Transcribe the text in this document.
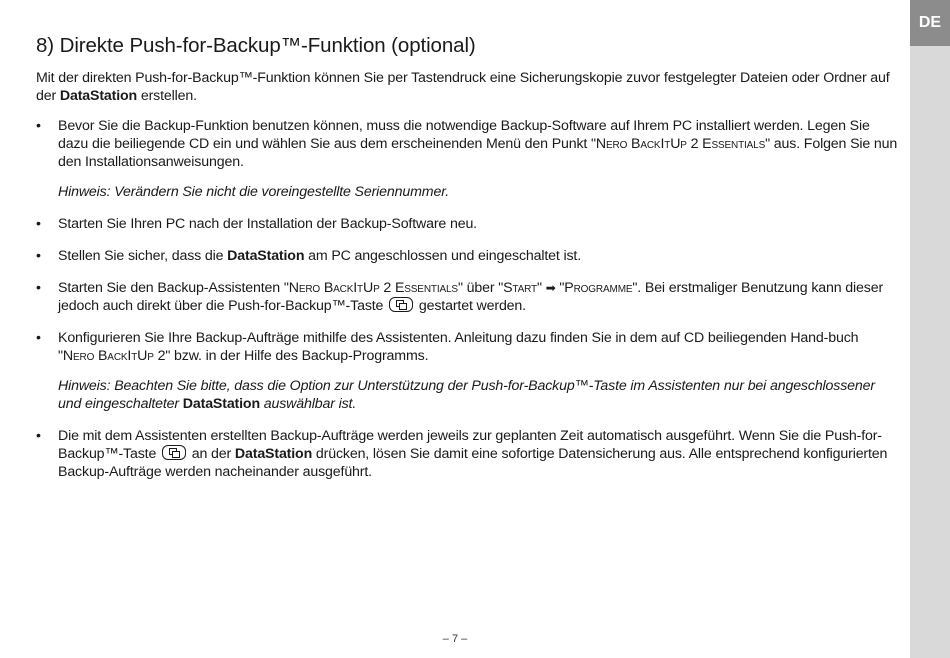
DE
8) Direkte Push-for-Backup™-Funktion (optional)

Mit der direkten Push-for-Backup™-Funktion können Sie per Tastendruck eine Sicherungskopie zuvor festgelegter Dateien oder Ordner auf der DataStation erstellen.

• Bevor Sie die Backup-Funktion benutzen können, muss die notwendige Backup-Software auf Ihrem PC installiert werden. Legen Sie dazu die beiliegende CD ein und wählen Sie aus dem erscheinenden Menü den Punkt "Nero BackItUp 2 Essentials" aus. Folgen Sie nun den Installationsanweisungen.

Hinweis: Verändern Sie nicht die voreingestellte Seriennummer.

• Starten Sie Ihren PC nach der Installation der Backup-Software neu.
• Stellen Sie sicher, dass die DataStation am PC angeschlossen und eingeschaltet ist.
• Starten Sie den Backup-Assistenten "Nero BackItUp 2 Essentials" über "Start" ➡ "Programme". Bei erstmaliger Benutzung kann dieser jedoch auch direkt über die Push-for-Backup™-Taste  gestartet werden.
• Konfigurieren Sie Ihre Backup-Aufträge mithilfe des Assistenten. Anleitung dazu finden Sie in dem auf CD beiliegenden Hand-buch "Nero BackItUp 2" bzw. in der Hilfe des Backup-Programms.

Hinweis: Beachten Sie bitte, dass die Option zur Unterstützung der Push-for-Backup™-Taste im Assistenten nur bei angeschlossener und eingeschalteter DataStation auswählbar ist.

• Die mit dem Assistenten erstellten Backup-Aufträge werden jeweils zur geplanten Zeit automatisch ausgeführt. Wenn Sie die Push-for-Backup™-Taste  an der DataStation drücken, lösen Sie damit eine sofortige Datensicherung aus. Alle entsprechend konfigurierten Backup-Aufträge werden nacheinander ausgeführt.
– 7 –
